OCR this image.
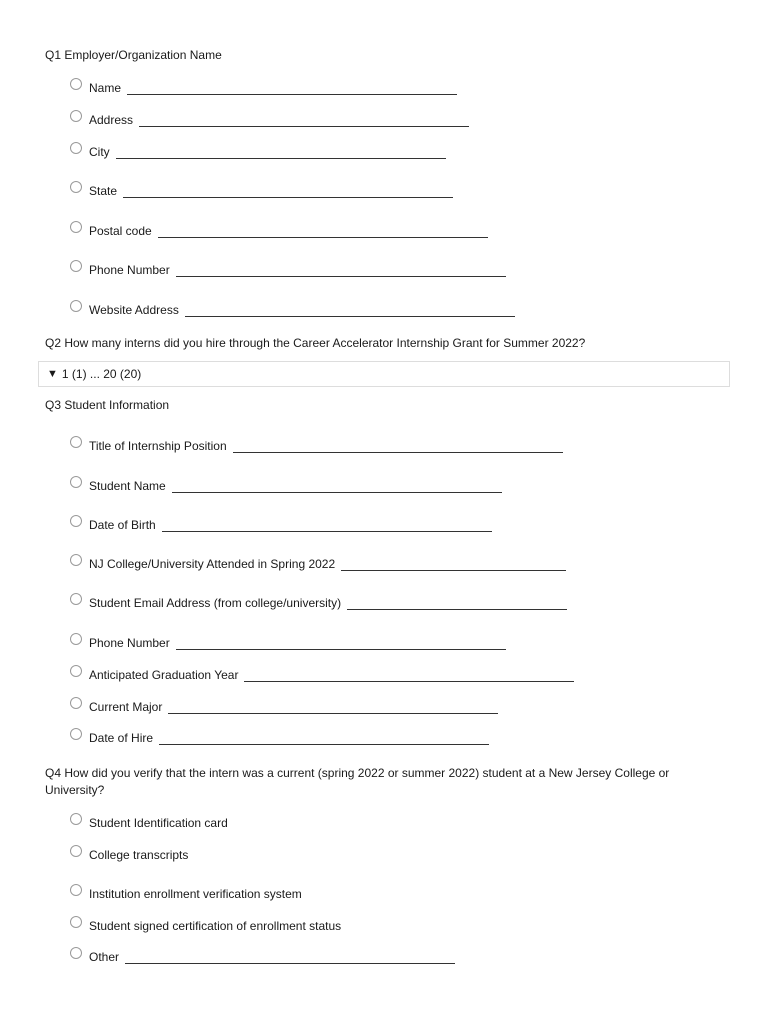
Q1 Employer/Organization Name
Name
Address
City
State
Postal code
Phone Number
Website Address
Q2 How many interns did you hire through the Career Accelerator Internship Grant for Summer 2022?
▼ 1 (1) ... 20 (20)
Q3 Student Information
Title of Internship Position
Student Name
Date of Birth
NJ College/University Attended in Spring 2022
Student Email Address (from college/university)
Phone Number
Anticipated Graduation Year
Current Major
Date of Hire
Q4 How did you verify that the intern was a current (spring 2022 or summer 2022) student at a New Jersey College or
University?
Student Identification card
College transcripts
Institution enrollment verification system
Student signed certification of enrollment status
Other
